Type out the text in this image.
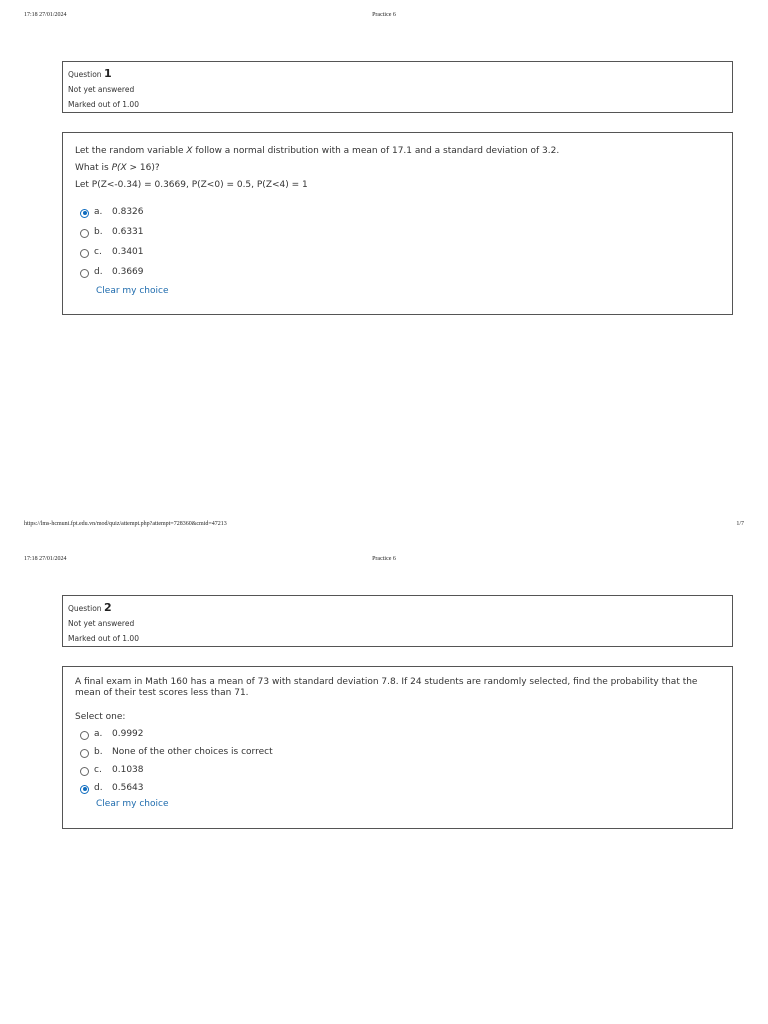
17:18 27/01/2024	Practice 6
Question 1
Not yet answered
Marked out of 1.00
Let the random variable X follow a normal distribution with a mean of 17.1 and a standard deviation of 3.2.
What is P(X > 16)?
Let P(Z<-0.34) = 0.3669, P(Z<0) = 0.5, P(Z<4) = 1
a.	0.8326
b.	0.6331
c.	0.3401
d.	0.3669
Clear my choice
https://lms-hcmuni.fpt.edu.vn/mod/quiz/attempt.php?attempt=728360&cmid=47213	1/7
17:18 27/01/2024	Practice 6
Question 2
Not yet answered
Marked out of 1.00
A final exam in Math 160 has a mean of 73 with standard deviation 7.8. If 24 students are randomly selected, find the probability that the mean of their test scores less than 71.
Select one:
a.	0.9992
b.	None of the other choices is correct
c.	0.1038
d.	0.5643
Clear my choice
